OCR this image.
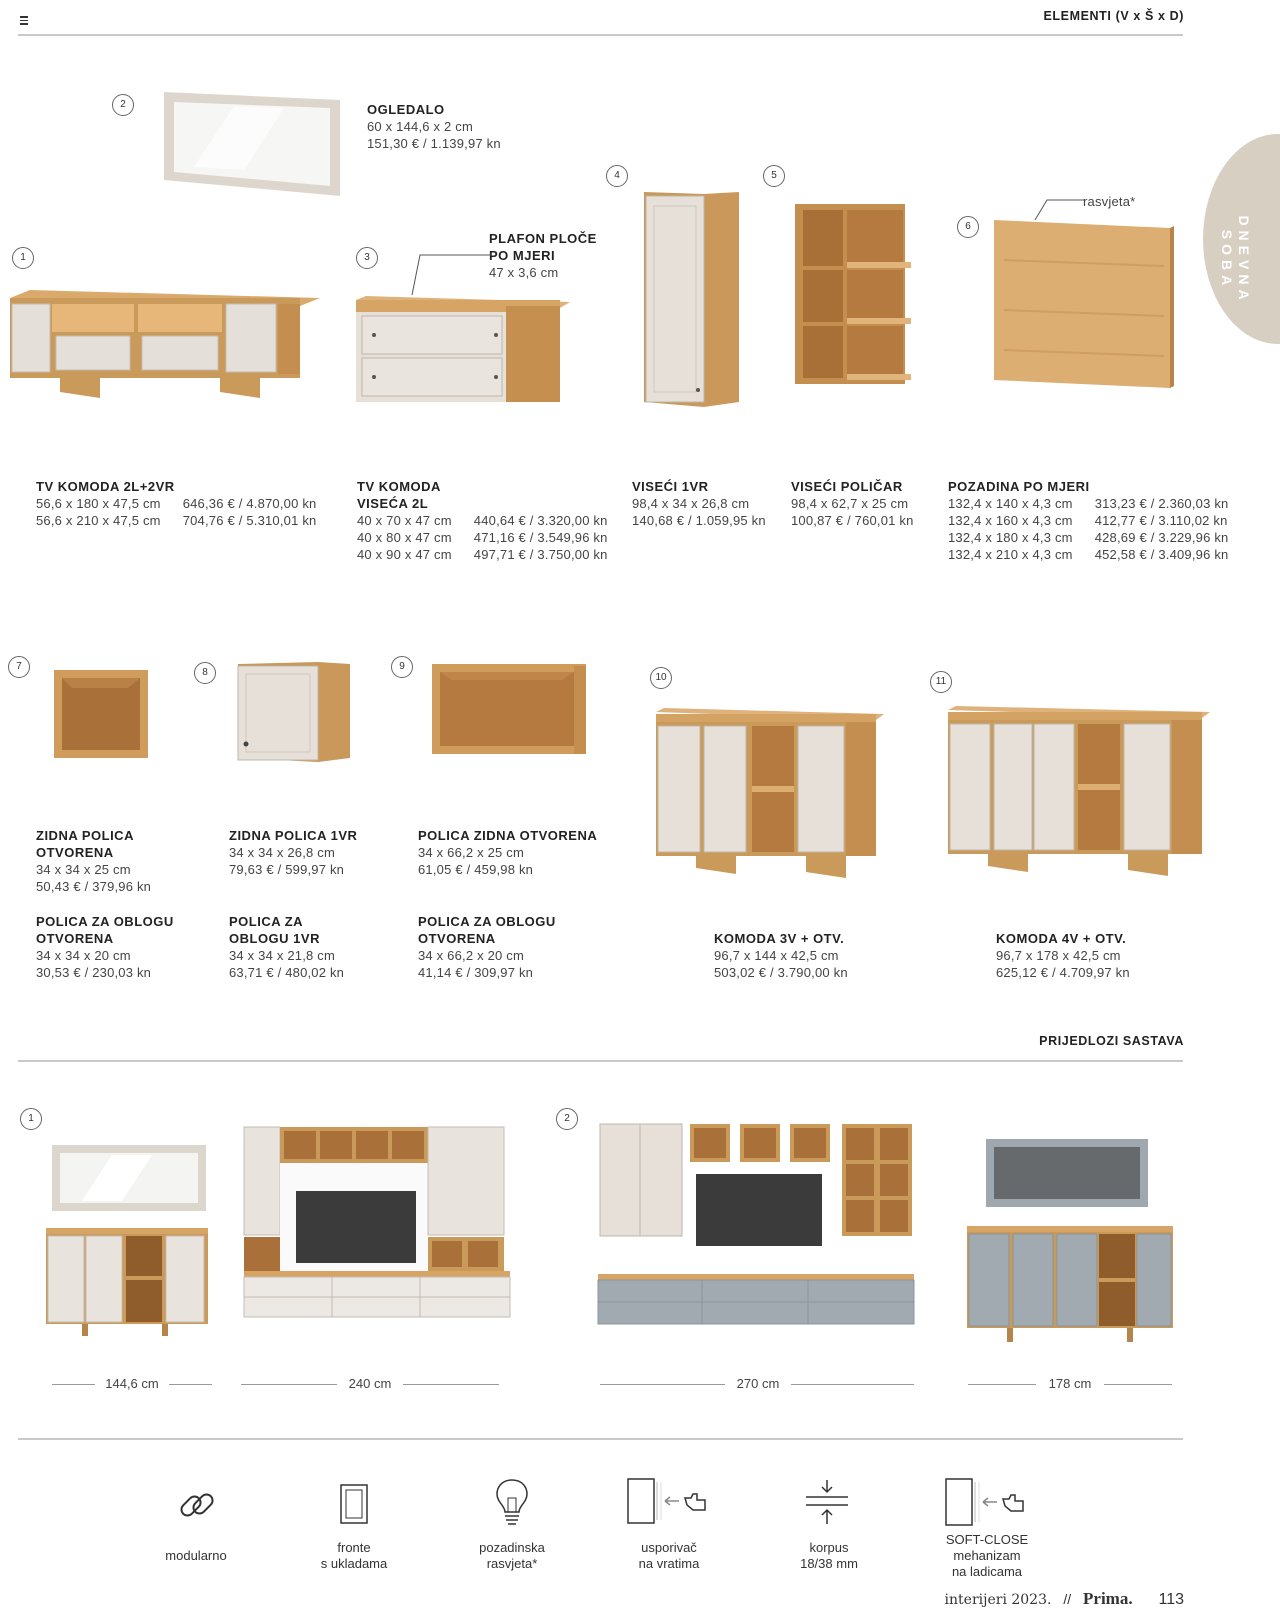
ELEMENTI (V x Š x D)
DNEVNA SOBA
2	OGLEDALO
60 x 144,6 x 2 cm
151,30 € / 1.139,97 kn
1	3
PLAFON PLOČE
PO MJERI
47 x 3,6 cm
4	5
6
rasvjeta*
TV KOMODA 2L+2VR
56,6 x 180 x 47,5 cm	646,36 € / 4.870,00 kn
56,6 x 210 x 47,5 cm	704,76 € / 5.310,01 kn
TV KOMODA
VISEĆA 2L
40 x 70 x 47 cm	440,64 € / 3.320,00 kn
40 x 80 x 47 cm	471,16 € / 3.549,96 kn
40 x 90 x 47 cm	497,71 € / 3.750,00 kn
VISEĆI 1VR
98,4 x 34 x 26,8 cm
140,68 € / 1.059,95 kn
VISEĆI POLIČAR
98,4 x 62,7 x 25 cm
100,87 € / 760,01 kn
POZADINA PO MJERI
132,4 x 140 x 4,3 cm	313,23 € / 2.360,03 kn
132,4 x 160 x 4,3 cm	412,77 € / 3.110,02 kn
132,4 x 180 x 4,3 cm	428,69 € / 3.229,96 kn
132,4 x 210 x 4,3 cm	452,58 € / 3.409,96 kn
7
8
9
10	11
ZIDNA POLICA
OTVORENA
34 x 34 x 25 cm
50,43 € / 379,96 kn
ZIDNA POLICA 1VR
34 x 34 x 26,8 cm
79,63 € / 599,97 kn
POLICA ZIDNA OTVORENA
34 x 66,2 x 25 cm
61,05 € / 459,98 kn
POLICA ZA OBLOGU
OTVORENA
34 x 34 x 20 cm
30,53 € / 230,03 kn
POLICA ZA
OBLOGU 1VR
34 x 34 x 21,8 cm
63,71 € / 480,02 kn
POLICA ZA OBLOGU
OTVORENA
34 x 66,2 x 20 cm
41,14 € / 309,97 kn
KOMODA 3V + OTV.
96,7 x 144 x 42,5 cm
503,02 € / 3.790,00 kn
KOMODA 4V + OTV.
96,7 x 178 x 42,5 cm
625,12 € / 4.709,97 kn
PRIJEDLOZI SASTAVA
1	2
144,6 cm	240 cm	270 cm	178 cm
modularno
fronte
s ukladama
pozadinska
rasvjeta*
usporivač
na vratima
korpus
18/38 mm
SOFT-CLOSE
mehanizam
na ladicama
interijeri 2023. // Prima. 113
